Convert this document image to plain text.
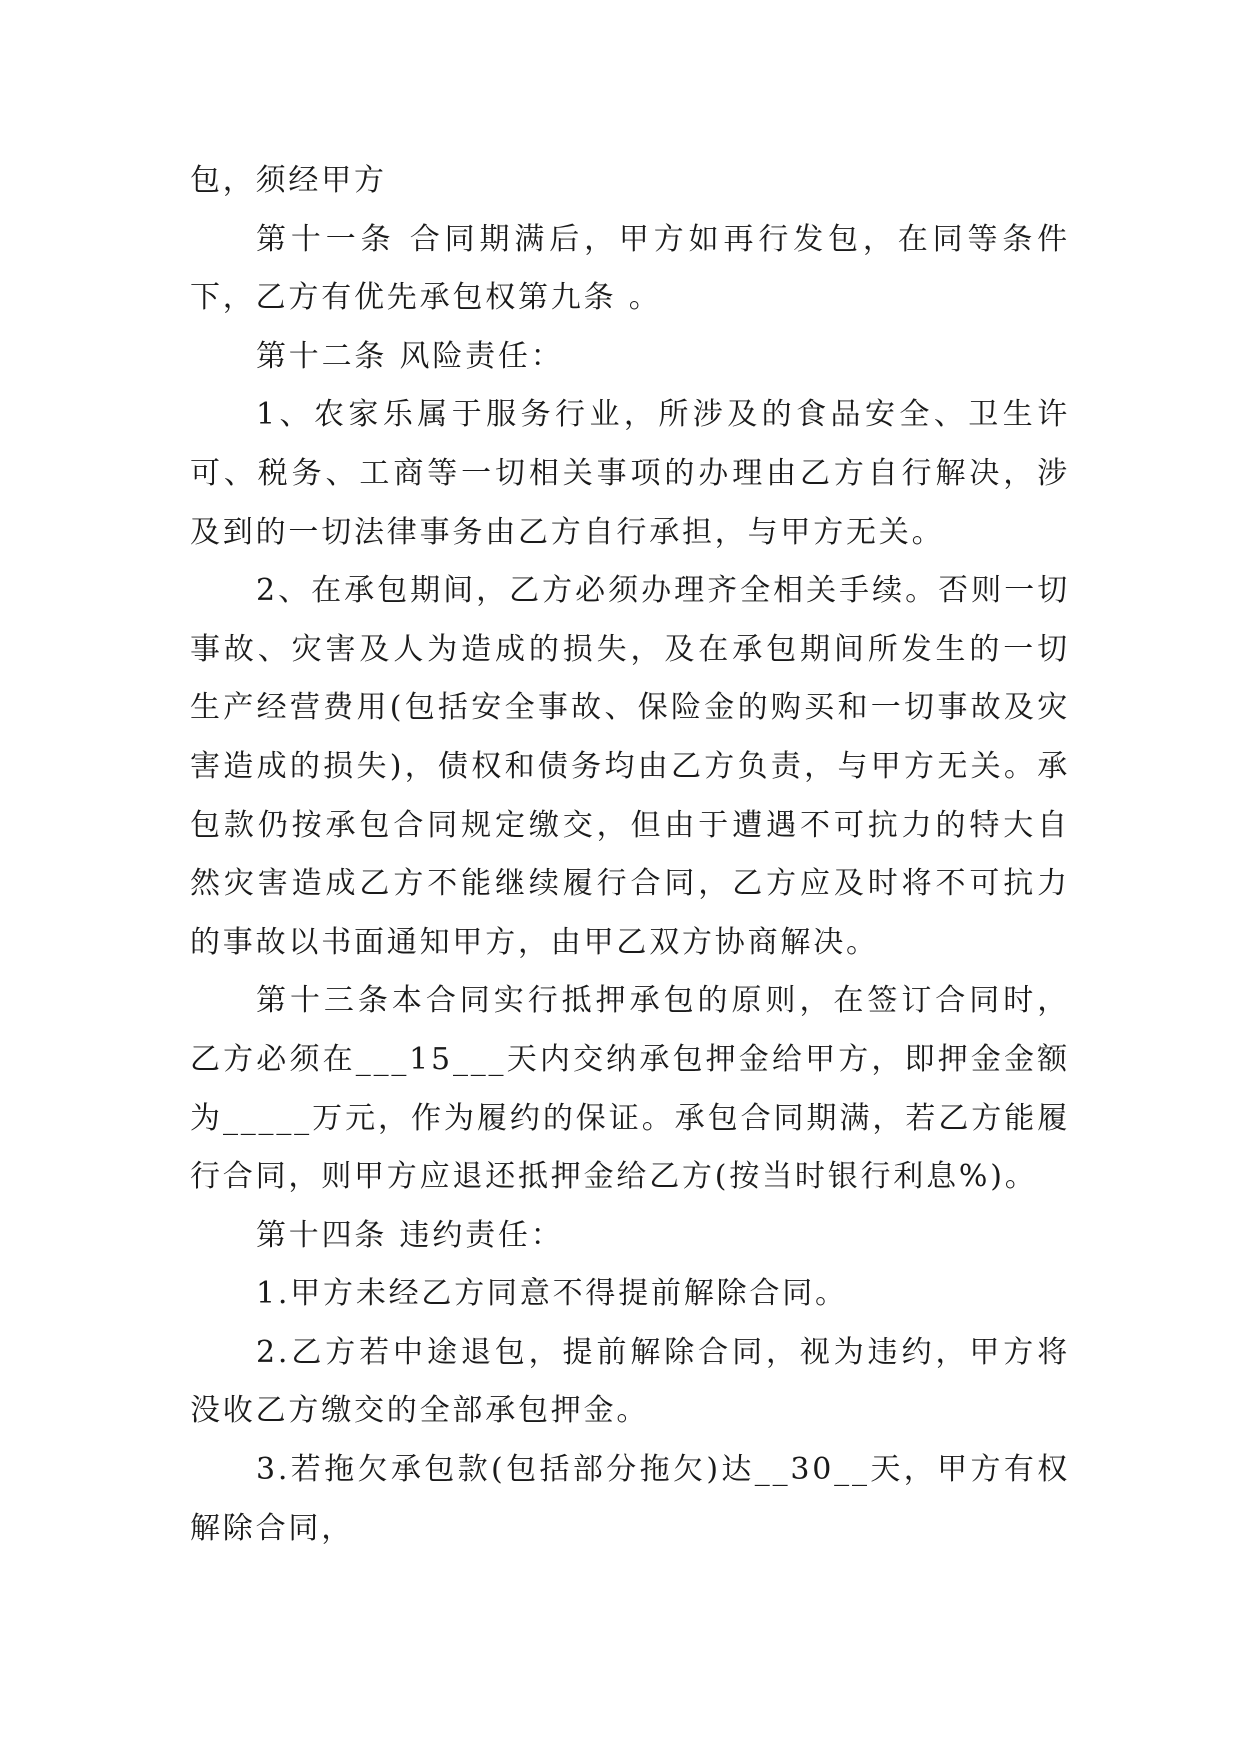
包，须经甲方

第十一条 合同期满后，甲方如再行发包，在同等条件下，乙方有优先承包权第九条 。

第十二条 风险责任：

1、农家乐属于服务行业，所涉及的食品安全、卫生许可、税务、工商等一切相关事项的办理由乙方自行解决，涉及到的一切法律事务由乙方自行承担，与甲方无关。

2、在承包期间，乙方必须办理齐全相关手续。否则一切事故、灾害及人为造成的损失，及在承包期间所发生的一切生产经营费用(包括安全事故、保险金的购买和一切事故及灾害造成的损失)，债权和债务均由乙方负责，与甲方无关。承包款仍按承包合同规定缴交，但由于遭遇不可抗力的特大自然灾害造成乙方不能继续履行合同，乙方应及时将不可抗力的事故以书面通知甲方，由甲乙双方协商解决。

第十三条本合同实行抵押承包的原则，在签订合同时，乙方必须在___15___天内交纳承包押金给甲方，即押金金额为_____万元，作为履约的保证。承包合同期满，若乙方能履行合同，则甲方应退还抵押金给乙方(按当时银行利息%)。

第十四条 违约责任：

1.甲方未经乙方同意不得提前解除合同。

2.乙方若中途退包，提前解除合同，视为违约，甲方将没收乙方缴交的全部承包押金。

3.若拖欠承包款(包括部分拖欠)达__30__天，甲方有权解除合同，
